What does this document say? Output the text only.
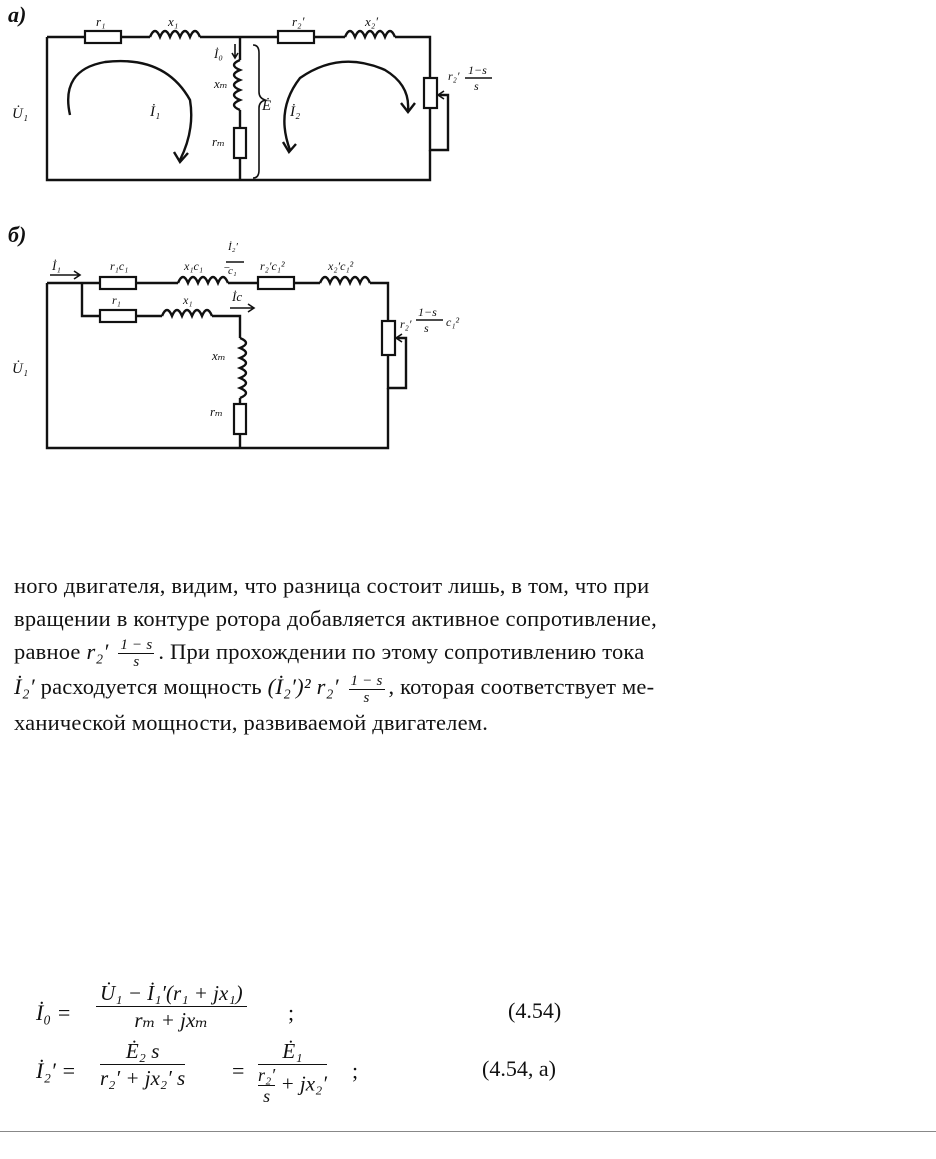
а)
б)
r₁	x₁	r₂′	x₂′
r₂′ 1−s
s
U̇₁
İ₀
xₘ
rₘ
Ė
İ₁	İ₂
İ₁	r₁c₁	x₁c₁ −
İ₂′
c₁ r₂′c₁²	x₂′c₁²
r₁	x₁	İc
r₂′
1−s
s c₁²
U̇₁
xₘ
rₘ
ного двигателя, видим, что разница состоит лишь, в том, что при
вращении в контуре ротора добавляется активное сопротивление,
равное $r_2' \frac{1 - s}{s}$ . При прохождении по этому сопротивлению тока
İ₂′ расходуется мощность (İ₂′)² $r_2' \frac{1 - s}{s}$ , которая соответствует ме-
ханической мощности, развиваемой двигателем.
İ₀ =
U̇₁ − İ₁′(r₁ + jx₁)
rₘ + jxₘ	;	(4.54)
İ₂′ =
Ė₂ s
r₂′ + jx₂′ s =
Ė₁
$\frac{\text{r₂′}}{s} + jx_2'$
;	(4.54, а)
